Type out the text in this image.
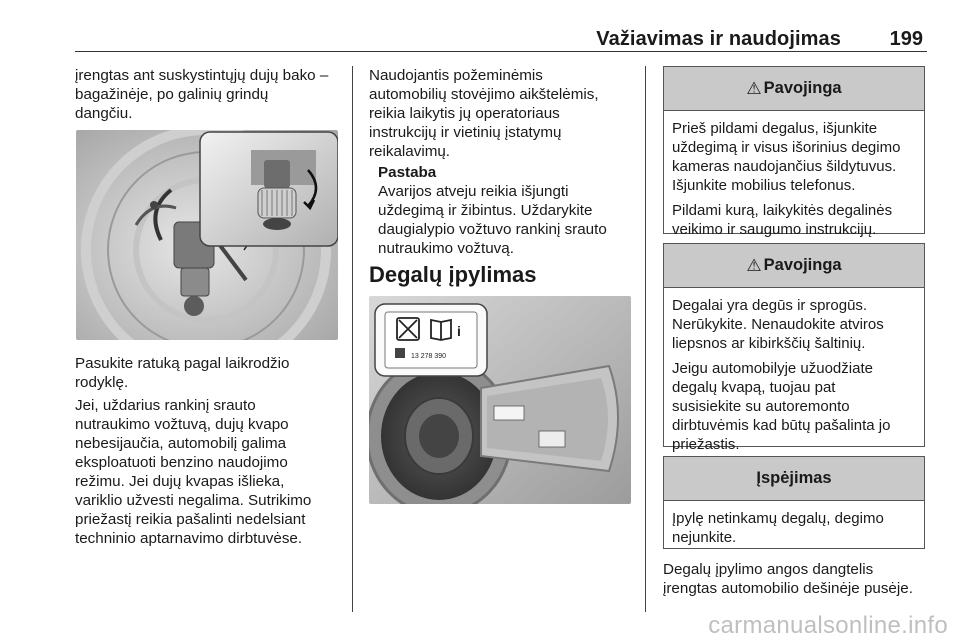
Važiavimas ir naudojimas 199
įrengtas ant suskystintųjų dujų bako –
bagažinėje, po galinių grindų
dangčiu.
Pasukite ratuką pagal laikrodžio
rodyklę.
Jei, uždarius rankinį srauto
nutraukimo vožtuvą, dujų kvapo
nebesijaučia, automobilį galima
eksploatuoti benzino naudojimo
režimu. Jei dujų kvapas išlieka,
variklio užvesti negalima. Sutrikimo
priežastį reikia pašalinti nedelsiant
techninio aptarnavimo dirbtuvėse.
Naudojantis požeminėmis
automobilių stovėjimo aikštelėmis,
reikia laikytis jų operatoriaus
instrukcijų ir vietinių įstatymų
reikalavimų.
Pastaba
Avarijos atveju reikia išjungti
uždegimą ir žibintus. Uždarykite
daugialypio vožtuvo rankinį srauto
nutraukimo vožtuvą.
Degalų įpylimas
i
13 278 390
⚠ Pavojinga
Prieš pildami degalus, išjunkite
uždegimą ir visus išorinius degimo
kameras naudojančius šildytuvus.
Išjunkite mobilius telefonus.
Pildami kurą, laikykitės degalinės
veikimo ir saugumo instrukcijų.
⚠ Pavojinga
Degalai yra degūs ir sprogūs.
Nerūkykite. Nenaudokite atviros
liepsnos ar kibirkščių šaltinių.
Jeigu automobilyje užuodžiate
degalų kvapą, tuojau pat
susisiekite su autoremonto
dirbtuvėmis kad būtų pašalinta jo
priežastis.
Įspėjimas
Įpylę netinkamų degalų, degimo
nejunkite.
Degalų įpylimo angos dangtelis
įrengtas automobilio dešinėje pusėje.
carmanualsonline.info
